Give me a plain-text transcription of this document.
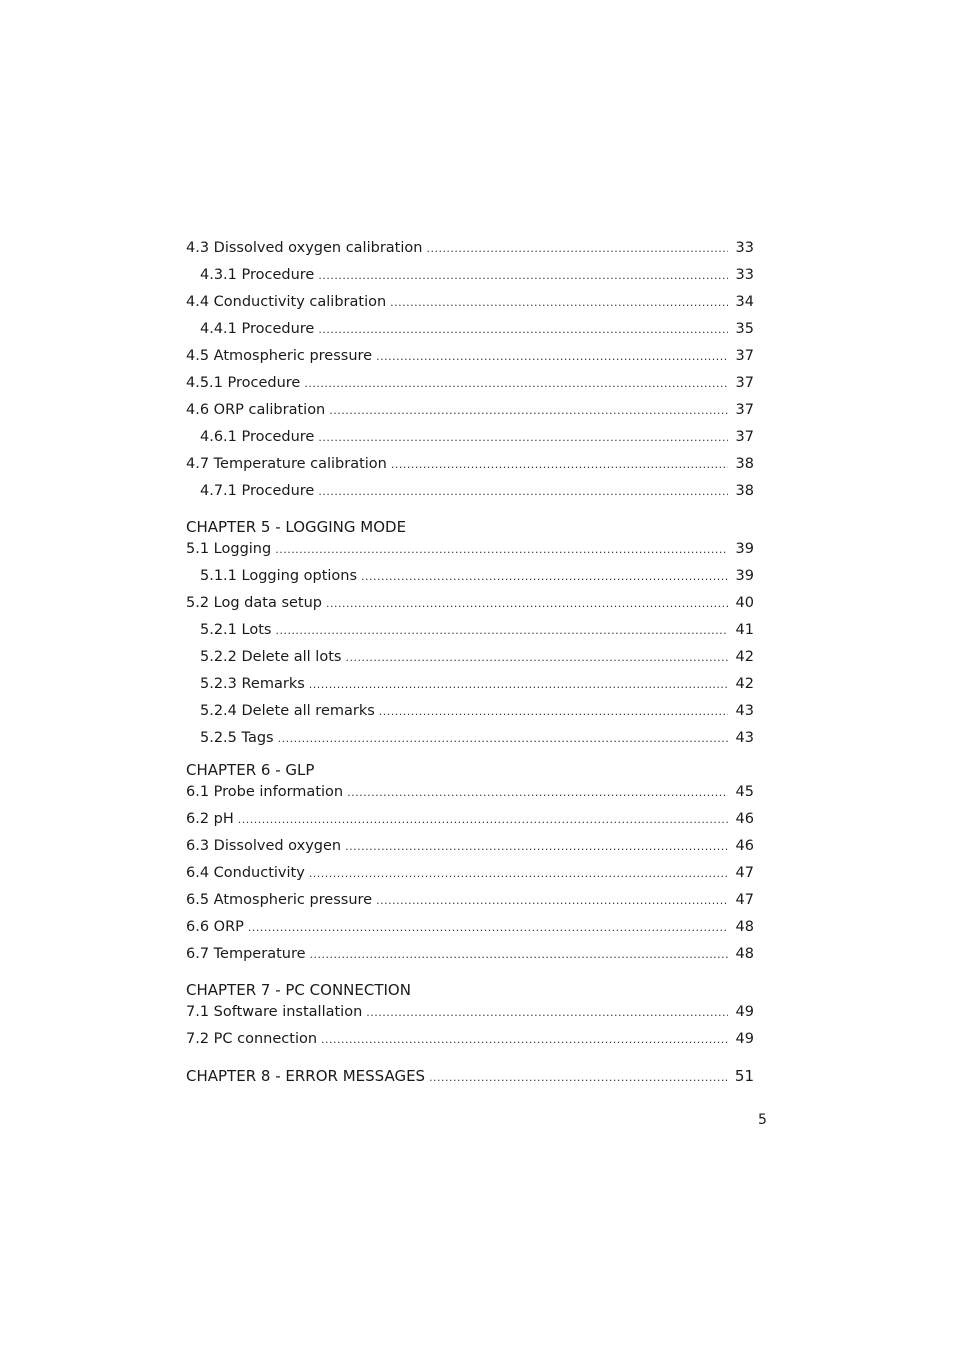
4.3 Dissolved oxygen calibration .....	33
4.3.1 Procedure .....	33
4.4 Conductivity calibration .....	34
4.4.1 Procedure .....	35
4.5 Atmospheric pressure .....	37
4.5.1 Procedure .....	37
4.6 ORP calibration .....	37
4.6.1 Procedure .....	37
4.7 Temperature calibration .....	38
4.7.1 Procedure .....	38
CHAPTER 5 - LOGGING MODE
5.1 Logging .....	39
5.1.1 Logging options .....	39
5.2 Log data setup .....	40
5.2.1 Lots .....	41
5.2.2 Delete all lots .....	42
5.2.3 Remarks .....	42
5.2.4 Delete all remarks .....	43
5.2.5 Tags .....	43
CHAPTER 6 - GLP
6.1 Probe information .....	45
6.2 pH .....	46
6.3 Dissolved oxygen .....	46
6.4 Conductivity .....	47
6.5 Atmospheric pressure .....	47
6.6 ORP .....	48
6.7 Temperature .....	48
CHAPTER 7 - PC CONNECTION
7.1 Software installation .....	49
7.2 PC connection .....	49
CHAPTER 8 - ERROR MESSAGES .....	51
5
